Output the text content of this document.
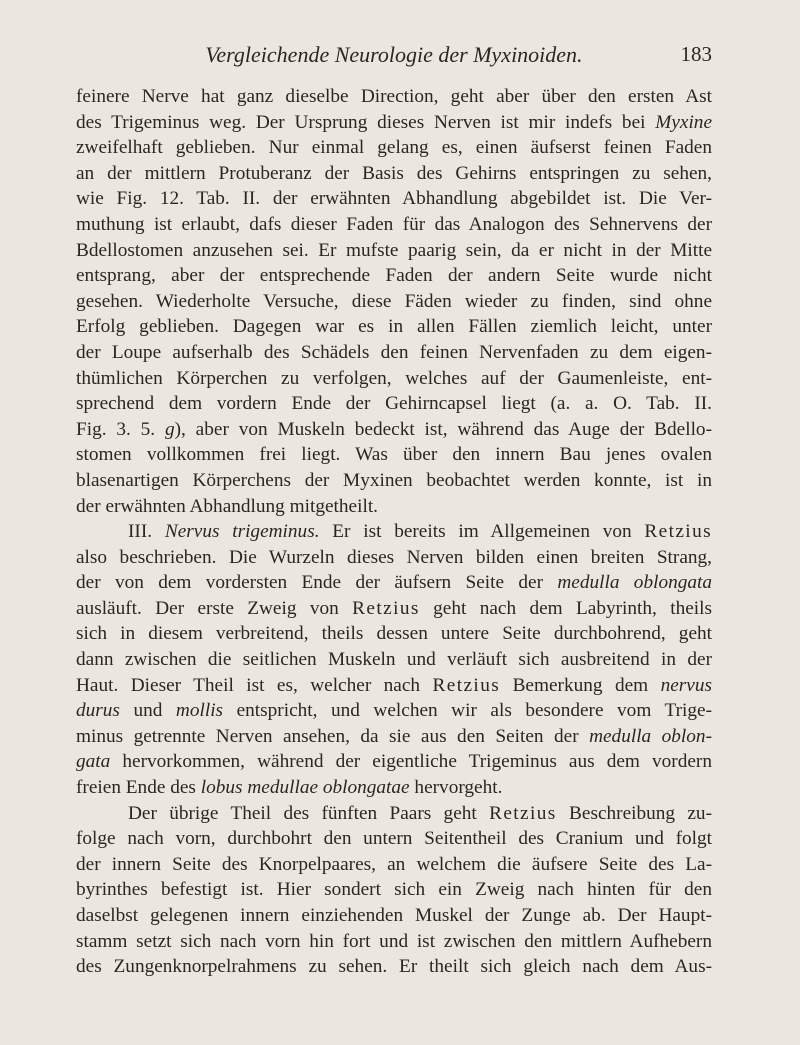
Vergleichende Neurologie der Myxinoiden.	183
feinere Nerve hat ganz dieselbe Direction, geht aber über den ersten Ast
des Trigeminus weg. Der Ursprung dieses Nerven ist mir indefs bei Myxine
zweifelhaft geblieben. Nur einmal gelang es, einen äufserst feinen Faden
an der mittlern Protuberanz der Basis des Gehirns entspringen zu sehen,
wie Fig. 12. Tab. II. der erwähnten Abhandlung abgebildet ist. Die Ver-
muthung ist erlaubt, dafs dieser Faden für das Analogon des Sehnervens der
Bdellostomen anzusehen sei. Er mufste paarig sein, da er nicht in der Mitte
entsprang, aber der entsprechende Faden der andern Seite wurde nicht
gesehen. Wiederholte Versuche, diese Fäden wieder zu finden, sind ohne
Erfolg geblieben. Dagegen war es in allen Fällen ziemlich leicht, unter
der Loupe aufserhalb des Schädels den feinen Nervenfaden zu dem eigen-
thümlichen Körperchen zu verfolgen, welches auf der Gaumenleiste, ent-
sprechend dem vordern Ende der Gehirncapsel liegt (a. a. O. Tab. II.
Fig. 3. 5. g), aber von Muskeln bedeckt ist, während das Auge der Bdello-
stomen vollkommen frei liegt. Was über den innern Bau jenes ovalen
blasenartigen Körperchens der Myxinen beobachtet werden konnte, ist in
der erwähnten Abhandlung mitgetheilt.
III. Nervus trigeminus. Er ist bereits im Allgemeinen von Retzius
also beschrieben. Die Wurzeln dieses Nerven bilden einen breiten Strang,
der von dem vordersten Ende der äufsern Seite der medulla oblongata
ausläuft. Der erste Zweig von Retzius geht nach dem Labyrinth, theils
sich in diesem verbreitend, theils dessen untere Seite durchbohrend, geht
dann zwischen die seitlichen Muskeln und verläuft sich ausbreitend in der
Haut. Dieser Theil ist es, welcher nach Retzius Bemerkung dem nervus
durus und mollis entspricht, und welchen wir als besondere vom Trige-
minus getrennte Nerven ansehen, da sie aus den Seiten der medulla oblon-
gata hervorkommen, während der eigentliche Trigeminus aus dem vordern
freien Ende des lobus medullae oblongatae hervorgeht.
Der übrige Theil des fünften Paars geht Retzius Beschreibung zu-
folge nach vorn, durchbohrt den untern Seitentheil des Cranium und folgt
der innern Seite des Knorpelpaares, an welchem die äufsere Seite des La-
byrinthes befestigt ist. Hier sondert sich ein Zweig nach hinten für den
daselbst gelegenen innern einziehenden Muskel der Zunge ab. Der Haupt-
stamm setzt sich nach vorn hin fort und ist zwischen den mittlern Aufhebern
des Zungenknorpelrahmens zu sehen. Er theilt sich gleich nach dem Aus-
